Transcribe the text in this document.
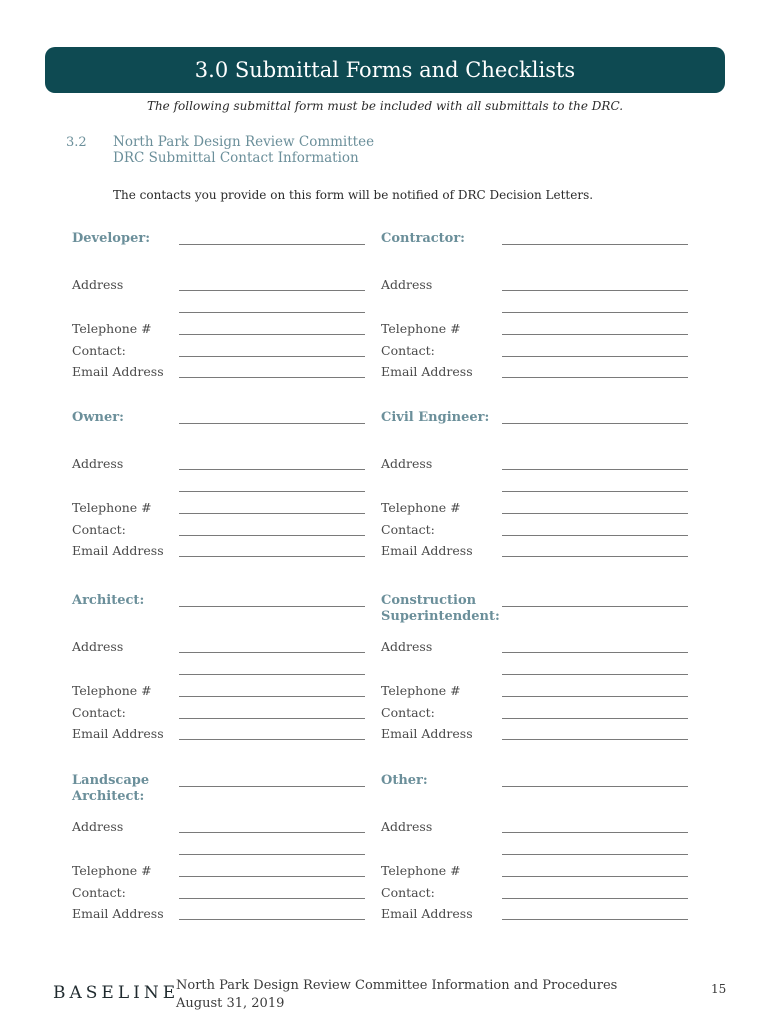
3.0 Submittal Forms and Checklists
The following submittal form must be included with all submittals to the DRC.
3.2 North Park Design Review Committee
DRC Submittal Contact Information
The contacts you provide on this form will be notified of DRC Decision Letters.
Developer:
Address
Telephone #
Contact:
Email Address
Contractor:
Address
Telephone #
Contact:
Email Address
Owner:
Address
Telephone #
Contact:
Email Address
Civil Engineer:
Address
Telephone #
Contact:
Email Address
Architect:
Address
Telephone #
Contact:
Email Address
Construction
Superintendent:
Address
Telephone #
Contact:
Email Address
Landscape
Architect:
Address
Telephone #
Contact:
Email Address
Other:
Address
Telephone #
Contact:
Email Address
BASELINE
North Park Design Review Committee Information and Procedures
August 31, 2019
15
